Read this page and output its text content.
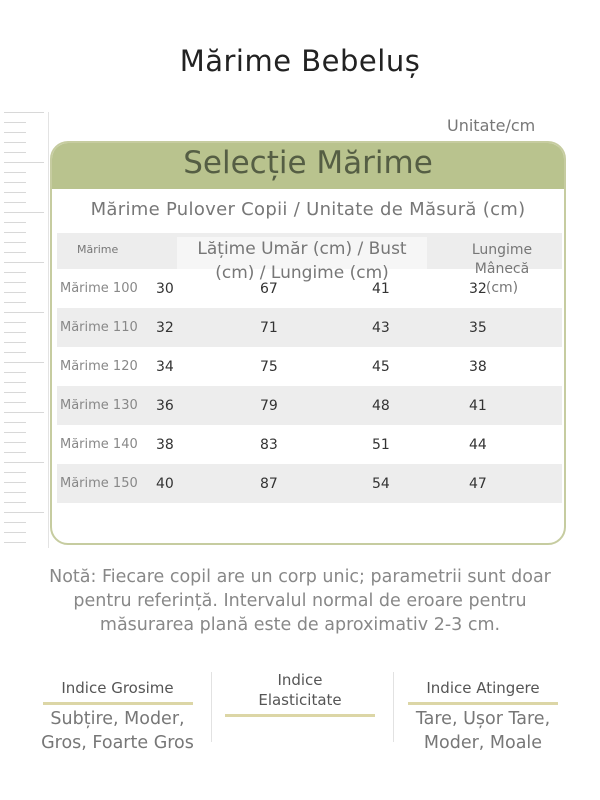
Mărime Bebeluș
Unitate/cm
Selecție Mărime
Mărime Pulover Copii / Unitate de Măsură (cm)
Mărime	Lățime Umăr (cm) / Bust (cm) / Lungime (cm)
Lungime Mânecă (cm)
Mărime 100 30	67	41	32
Mărime 110 32	71	43	35
Mărime 120 34	75	45	38
Mărime 130 36	79	48	41
Mărime 140 38	83	51	44
Mărime 150 40	87	54	47
Notă: Fiecare copil are un corp unic; parametrii sunt doar pentru referință. Intervalul normal de eroare pentru măsurarea plană este de aproximativ 2-3 cm.
Indice Grosime
Subțire, Moder, Gros, Foarte Gros
Indice Elasticitate
Indice Atingere
Tare, Ușor Tare, Moder, Moale
